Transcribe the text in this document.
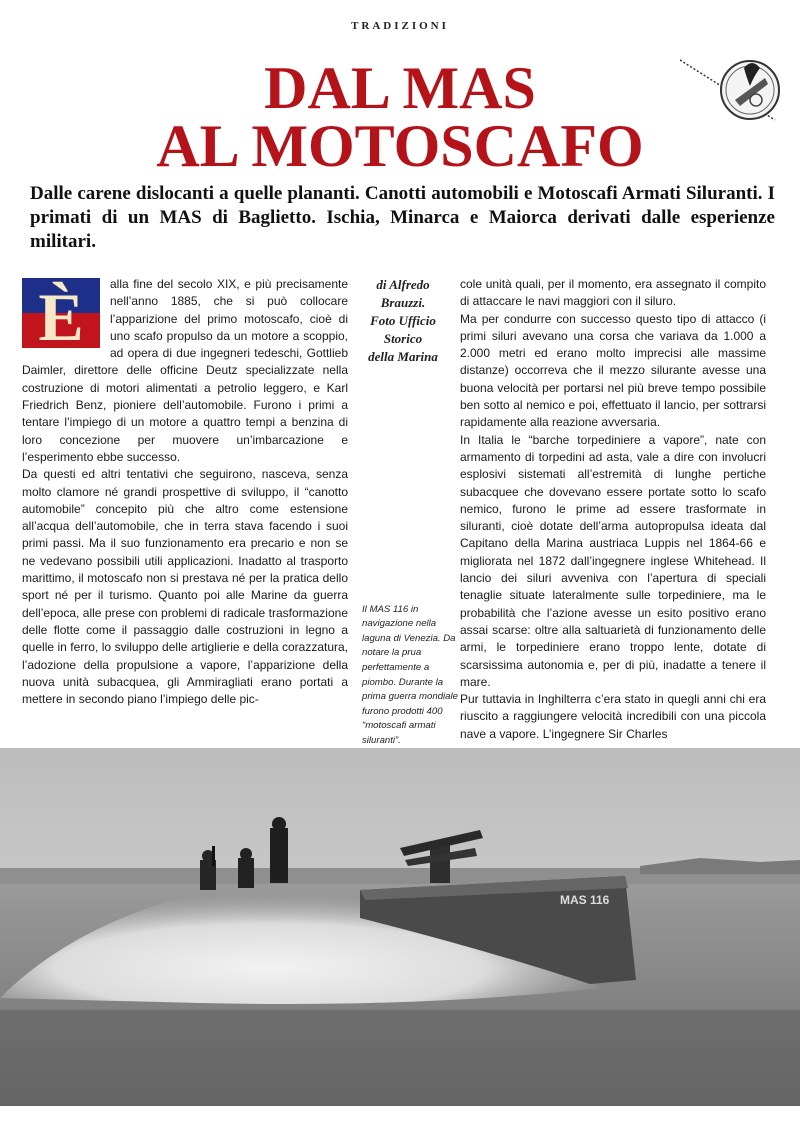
TRADIZIONI
DAL MAS
AL MOTOSCAFO

Dalle carene dislocanti a quelle plananti. Canotti automobili e Motoscafi Armati Siluranti. I primati di un MAS di Baglietto. Ischia, Minarca e Maiorca derivati dalle esperienze militari.

È	alla fine del secolo XIX, e più precisamente nell’anno 1885, che si può collocare l’apparizione del primo motoscafo, cioè di uno scafo propulso da un motore a scoppio, ad opera di due ingegneri tedeschi, Gottlieb Daimler, direttore delle officine Deutz specializzate nella costruzione di motori alimentati a petrolio leggero, e Karl Friedrich Benz, pioniere dell’automobile. Furono i primi a tentare l’impiego di un motore a quattro tempi a benzina di loro concezione per muovere un’imbarcazione e l’esperimento ebbe successo.

Da questi ed altri tentativi che seguirono, nasceva, senza molto clamore né grandi prospettive di sviluppo, il “canotto automobile” concepito più che altro come estensione all’acqua dell’automobile, che in terra stava facendo i suoi primi passi. Ma il suo funzionamento era precario e non se ne vedevano possibili utili applicazioni. Inadatto al trasporto marittimo, il motoscafo non si prestava né per la pratica dello sport né per il turismo. Quanto poi alle Marine da guerra dell’epoca, alle prese con problemi di radicale trasformazione delle flotte come il passaggio dalle costruzioni in legno a quelle in ferro, lo sviluppo delle artiglierie e della corazzatura, l’adozione della propulsione a vapore, l’apparizione della nuova unità subacquea, gli Ammiragliati erano portati a mettere in secondo piano l’impiego delle pic-

di Alfredo
Brauzzi.
Foto Ufficio
Storico
della Marina

Il MAS 116 in navigazione nella laguna di Venezia. Da notare la prua perfettamente a piombo. Durante la prima guerra mondiale furono prodotti 400 “motoscafi armati siluranti”.

cole unità quali, per il momento, era assegnato il compito di attaccare le navi maggiori con il siluro.

Ma per condurre con successo questo tipo di attacco (i primi siluri avevano una corsa che variava da 1.000 a 2.000 metri ed erano molto imprecisi alle massime distanze) occorreva che il mezzo silurante avesse una buona velocità per portarsi nel più breve tempo possibile ben sotto al nemico e poi, effettuato il lancio, per sottrarsi rapidamente alla reazione avversaria.

In Italia le “barche torpediniere a vapore”, nate con armamento di torpedini ad asta, vale a dire con involucri esplosivi sistemati all’estremità di lunghe pertiche subacquee che dovevano essere portate sotto lo scafo nemico, furono le prime ad essere trasformate in siluranti, cioè dotate dell’arma autopropulsa ideata dal Capitano della Marina austriaca Luppis nel 1864-66 e migliorata nel 1872 dall’ingegnere inglese Whitehead. Il lancio dei siluri avveniva con l’apertura di speciali tenaglie situate lateralmente sulle torpediniere, ma le probabilità che l’azione avesse un esito positivo erano assai scarse: oltre alla saltuarietà di funzionamento delle armi, le torpediniere erano troppo lente, dotate di scarsissima autonomia e, per di più, inadatte a tenere il mare.

Pur tuttavia in Inghilterra c’era stato in quegli anni chi era riuscito a raggiungere velocità incredibili con una piccola nave a vapore. L’ingegnere Sir Charles

MAS 116
